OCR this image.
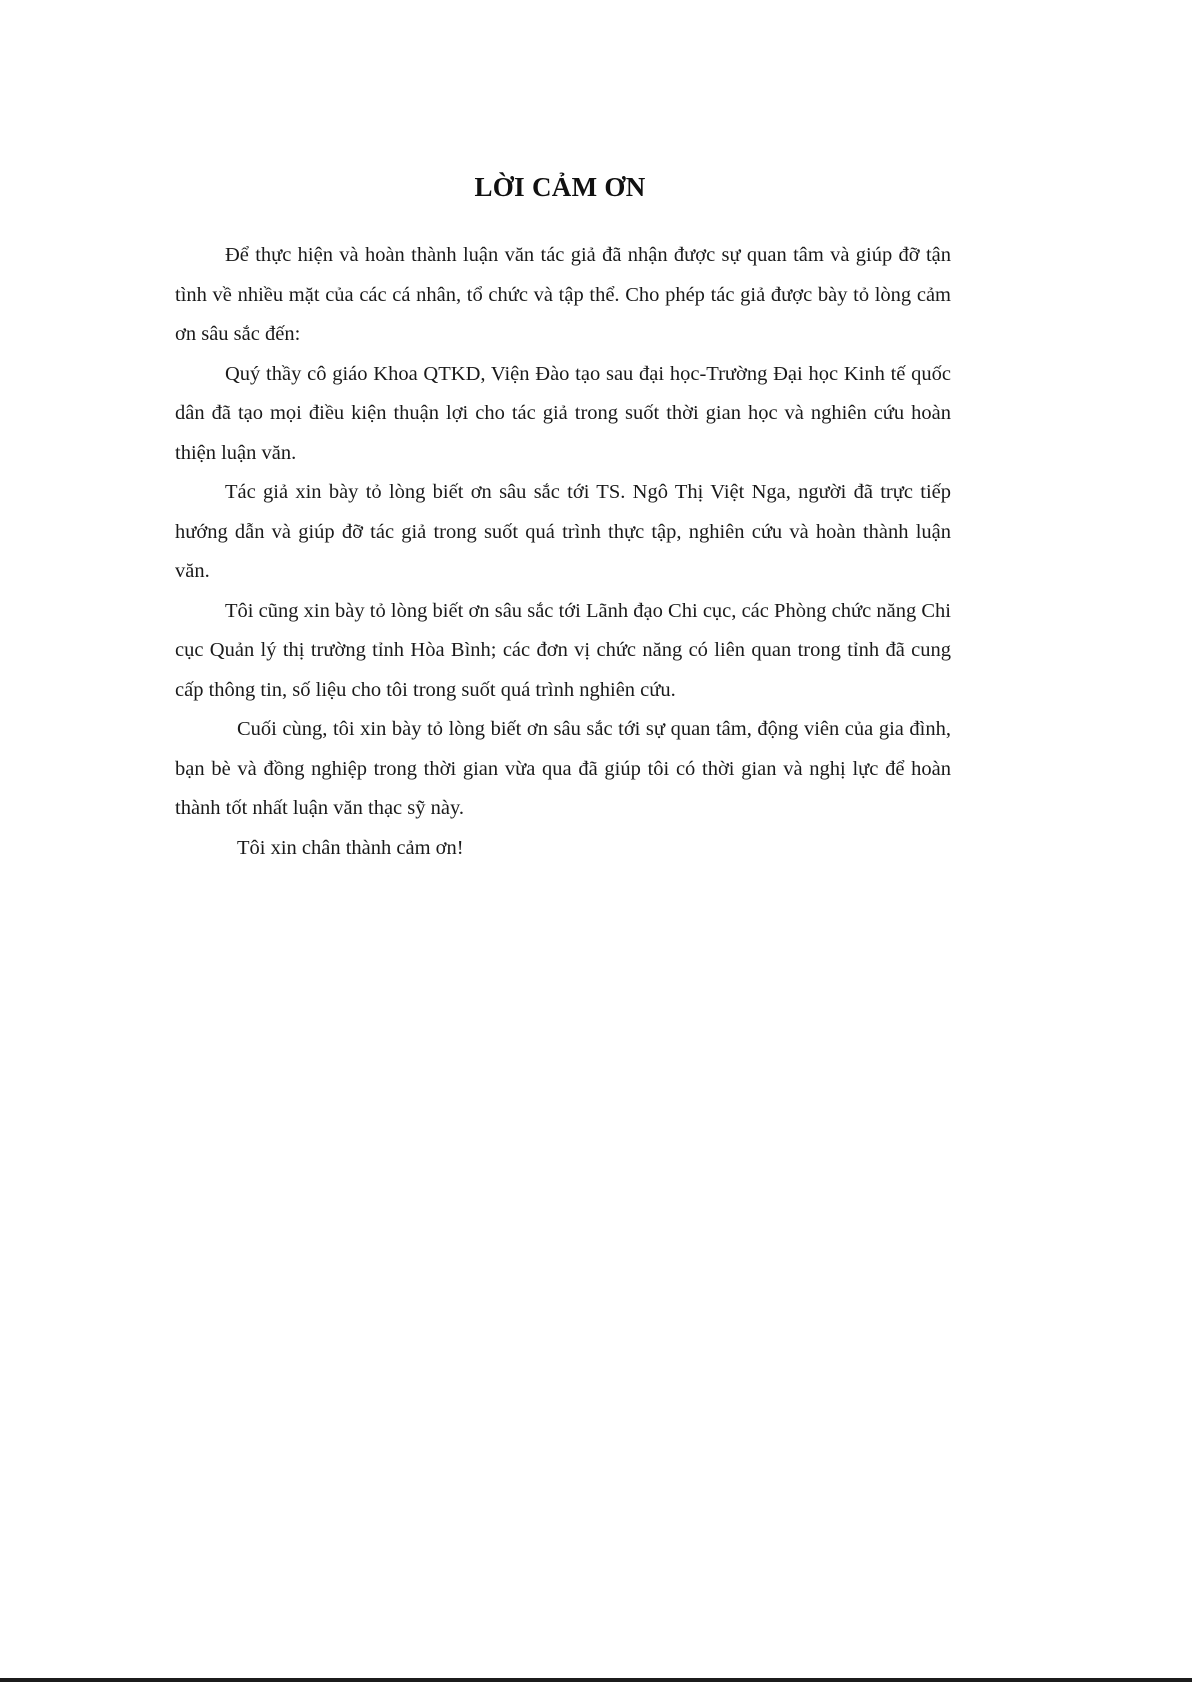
LỜI CẢM ƠN

Để thực hiện và hoàn thành luận văn tác giả đã nhận được sự quan tâm và giúp đỡ tận tình về nhiều mặt của các cá nhân, tổ chức và tập thể. Cho phép tác giả được bày tỏ lòng cảm ơn sâu sắc đến:

Quý thầy cô giáo Khoa QTKD, Viện Đào tạo sau đại học-Trường Đại học Kinh tế quốc dân đã tạo mọi điều kiện thuận lợi cho tác giả trong suốt thời gian học và nghiên cứu hoàn thiện luận văn.

Tác giả xin bày tỏ lòng biết ơn sâu sắc tới TS. Ngô Thị Việt Nga, người đã trực tiếp hướng dẫn và giúp đỡ tác giả trong suốt quá trình thực tập, nghiên cứu và hoàn thành luận văn.

Tôi cũng xin bày tỏ lòng biết ơn sâu sắc tới Lãnh đạo Chi cục, các Phòng chức năng Chi cục Quản lý thị trường tỉnh Hòa Bình; các đơn vị chức năng có liên quan trong tỉnh đã cung cấp thông tin, số liệu cho tôi trong suốt quá trình nghiên cứu.

Cuối cùng, tôi xin bày tỏ lòng biết ơn sâu sắc tới sự quan tâm, động viên của gia đình, bạn bè và đồng nghiệp trong thời gian vừa qua đã giúp tôi có thời gian và nghị lực để hoàn thành tốt nhất luận văn thạc sỹ này.

Tôi xin chân thành cảm ơn!
